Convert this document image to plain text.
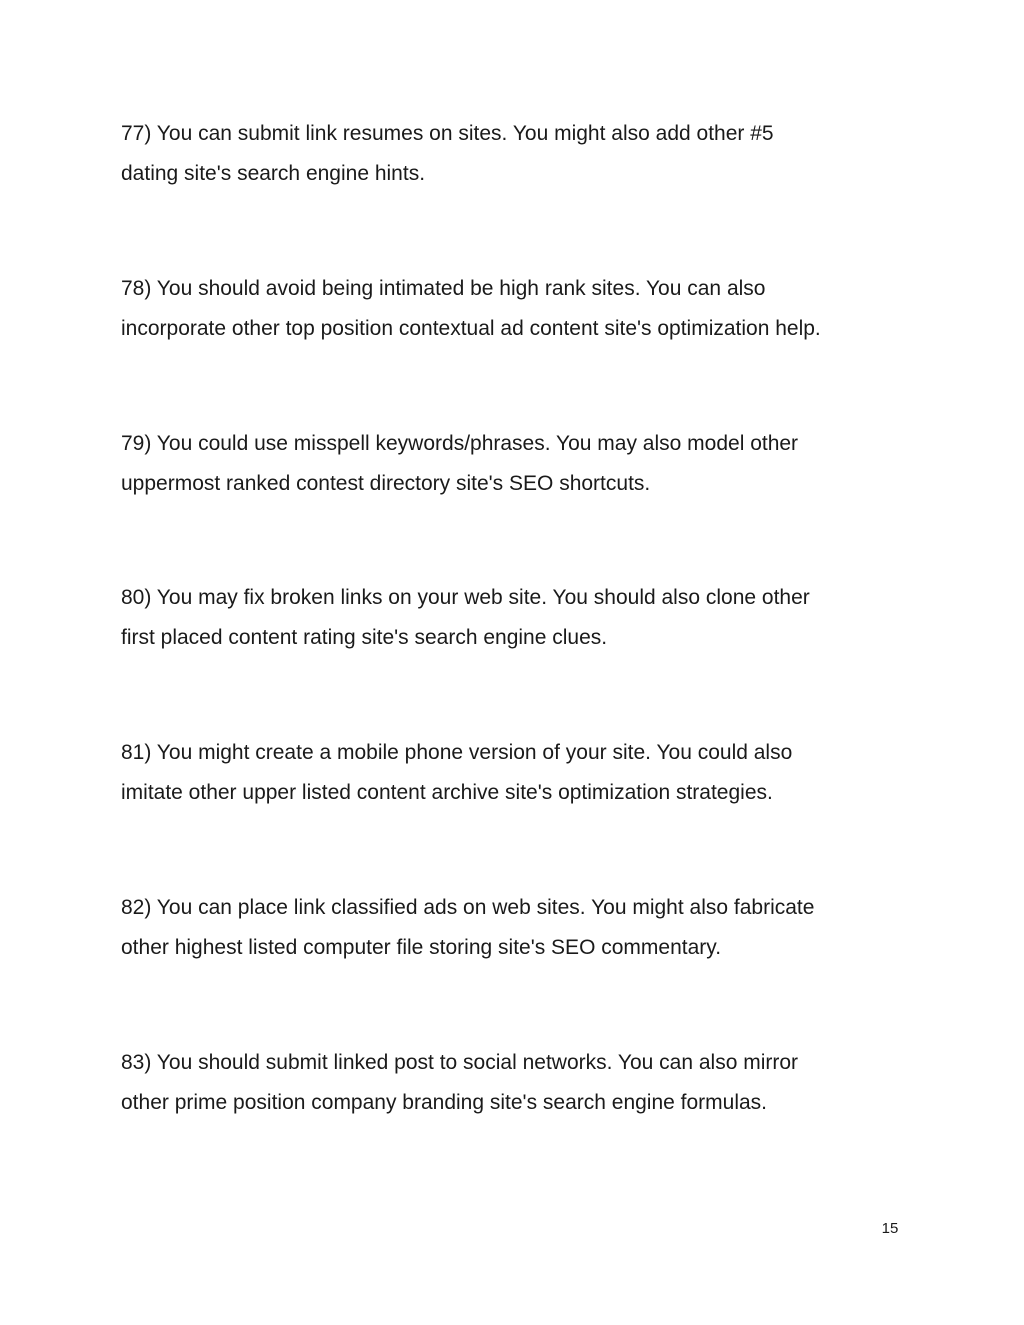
77) You can submit link resumes on sites. You might also add other #5
dating site's search engine hints.

78) You should avoid being intimated be high rank sites. You can also
incorporate other top position contextual ad content site's optimization help.

79) You could use misspell keywords/phrases. You may also model other
uppermost ranked contest directory site's SEO shortcuts.

80) You may fix broken links on your web site. You should also clone other
first placed content rating site's search engine clues.

81) You might create a mobile phone version of your site. You could also
imitate other upper listed content archive site's optimization strategies.

82) You can place link classified ads on web sites. You might also fabricate
other highest listed computer file storing site's SEO commentary.

83) You should submit linked post to social networks. You can also mirror
other prime position company branding site's search engine formulas.

15
